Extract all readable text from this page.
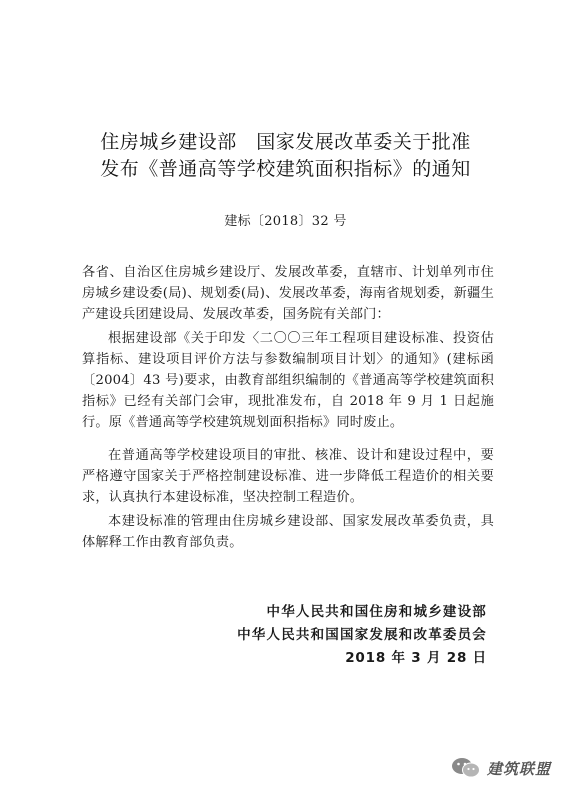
住房城乡建设部　国家发展改革委关于批准
发布《普通高等学校建筑面积指标》的通知
建标〔2018〕32 号
各省、自治区住房城乡建设厅、发展改革委，直辖市、计划单列市住房城乡建设委(局)、规划委(局)、发展改革委，海南省规划委，新疆生产建设兵团建设局、发展改革委，国务院有关部门：
根据建设部《关于印发〈二〇〇三年工程项目建设标准、投资估算指标、建设项目评价方法与参数编制项目计划〉的通知》(建标函〔2004〕43 号)要求，由教育部组织编制的《普通高等学校建筑面积指标》已经有关部门会审，现批准发布，自 2018 年 9 月 1 日起施行。原《普通高等学校建筑规划面积指标》同时废止。
在普通高等学校建设项目的审批、核准、设计和建设过程中，要严格遵守国家关于严格控制建设标准、进一步降低工程造价的相关要求，认真执行本建设标准，坚决控制工程造价。
本建设标准的管理由住房城乡建设部、国家发展改革委负责，具体解释工作由教育部负责。
中华人民共和国住房和城乡建设部
中华人民共和国国家发展和改革委员会
2018 年 3 月 28 日
建筑联盟
